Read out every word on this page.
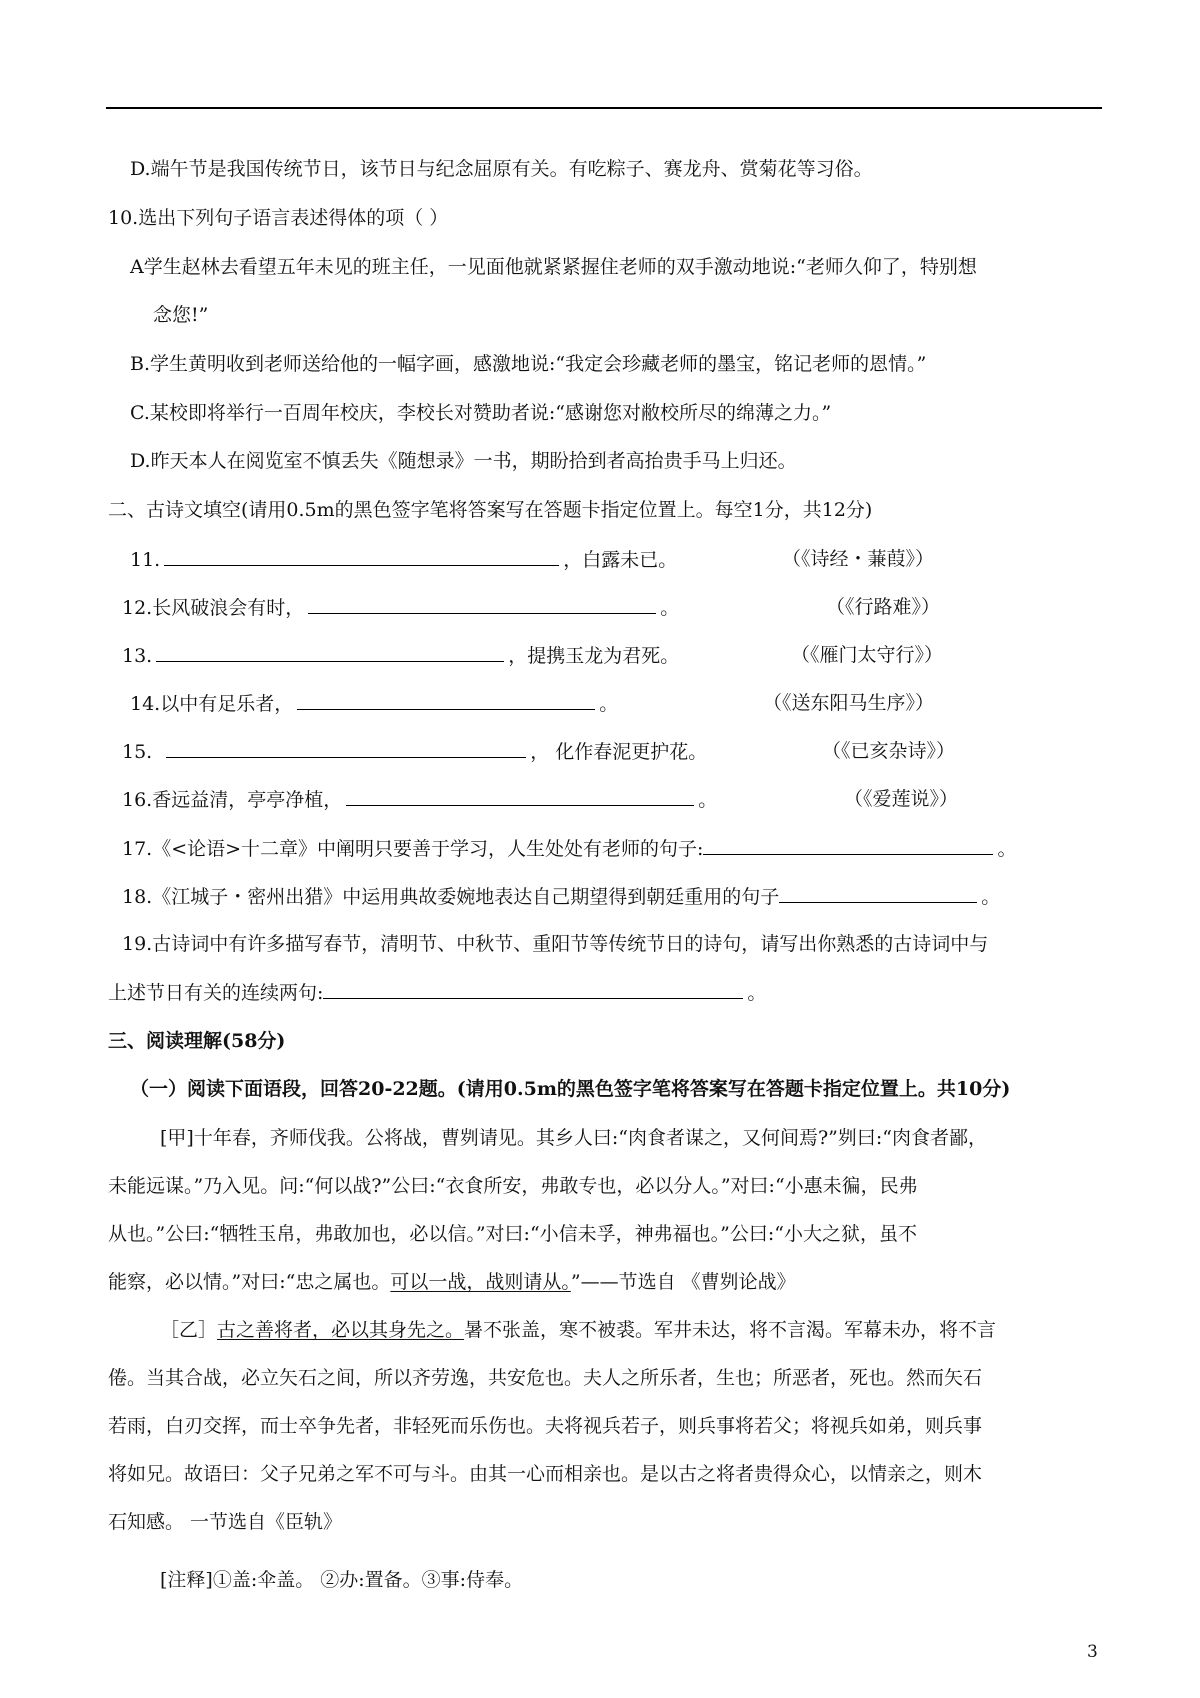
D.端午节是我国传统节日，该节日与纪念屈原有关。有吃粽子、赛龙舟、赏菊花等习俗。
10.选出下列句子语言表述得体的项（ ）
A学生赵林去看望五年未见的班主任，一见面他就紧紧握住老师的双手激动地说:“老师久仰了，特别想
念您!”
B.学生黄明收到老师送给他的一幅字画，感激地说:“我定会珍藏老师的墨宝，铭记老师的恩情。”
C.某校即将举行一百周年校庆，李校长对赞助者说:“感谢您对敝校所尽的绵薄之力。”
D.昨天本人在阅览室不慎丢失《随想录》一书，期盼拾到者高抬贵手马上归还。
二、古诗文填空(请用0.5m的黑色签字笔将答案写在答题卡指定位置上。每空1分，共12分)
11.	，白露未已。	（《诗经・蒹葭》）
12.长风破浪会有时，	。	（《行路难》）
13.	，提携玉龙为君死。	（《雁门太守行》）
14.以中有足乐者，	。	（《送东阳马生序》）
15.	， 化作春泥更护花。	（《已亥杂诗》）
16.香远益清，亭亭净植，	。	（《爱莲说》）
17.《<论语>十二章》中阐明只要善于学习，人生处处有老师的句子:	。
18.《江城子・密州出猎》中运用典故委婉地表达自己期望得到朝廷重用的句子	。
19.古诗词中有许多描写春节，清明节、中秋节、重阳节等传统节日的诗句，请写出你熟悉的古诗词中与
上述节日有关的连续两句:	。
三、阅读理解(58分)
（一）阅读下面语段，回答20-22题。(请用0.5m的黑色签字笔将答案写在答题卡指定位置上。共10分)
[甲]十年春，齐师伐我。公将战，曹刿请见。其乡人曰:“肉食者谋之，又何间焉?”刿曰:“肉食者鄙，
未能远谋。”乃入见。问:“何以战?”公曰:“衣食所安，弗敢专也，必以分人。”对曰:“小惠未徧，民弗
从也。”公曰:“牺牲玉帛，弗敢加也，必以信。”对曰:“小信未孚，神弗福也。”公曰:“小大之狱，虽不
能察，必以情。”对曰:“忠之属也。可以一战，战则请从。”——节选自 《曹刿论战》
［乙］古之善将者，必以其身先之。暑不张盖，寒不被裘。军井未达，将不言渴。军幕未办，将不言
倦。当其合战，必立矢石之间，所以齐劳逸，共安危也。夫人之所乐者，生也；所恶者，死也。然而矢石
若雨，白刃交挥，而士卒争先者，非轻死而乐伤也。夫将视兵若子，则兵事将若父；将视兵如弟，则兵事
将如兄。故语曰：父子兄弟之军不可与斗。由其一心而相亲也。是以古之将者贵得众心，以情亲之，则木
石知感。 一节选自《臣轨》
[注释]①盖:伞盖。 ②办:置备。③事:侍奉。
3
